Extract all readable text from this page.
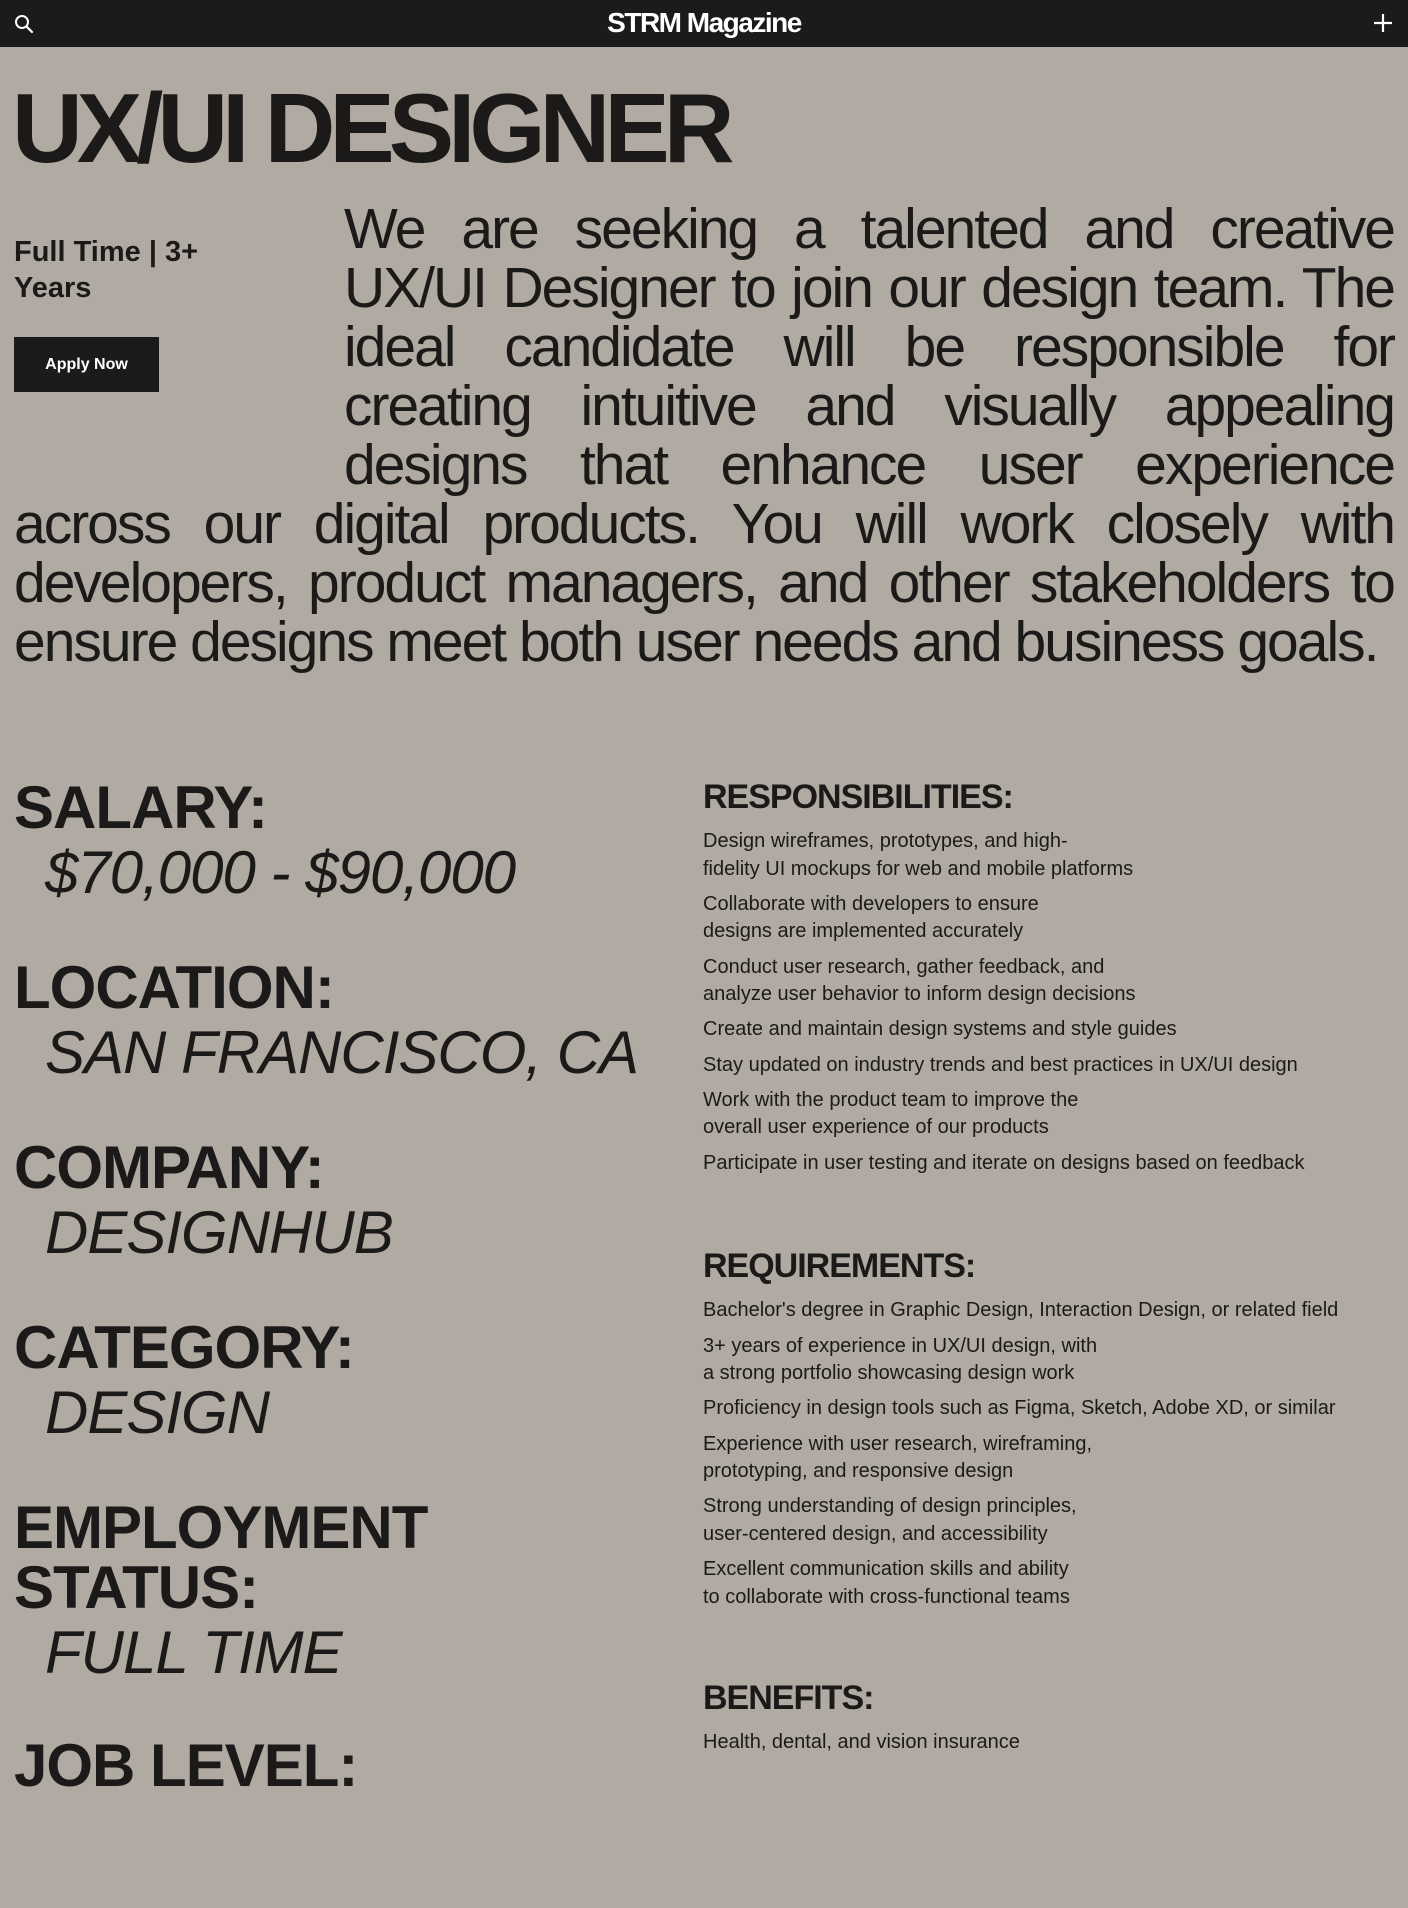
STRM Magazine
UX/UI DESIGNER

We are seeking a talented and creative UX/UI Designer to join our design team. The ideal candidate will be responsible for creating intuitive and visually appealing designs that enhance user experience across our digital products. You will work closely with developers, product managers, and other stakeholders to ensure designs meet both user needs and business goals.

Full Time | 3+ Years
Apply Now
SALARY:
$70,000 - $90,000
LOCATION:
SAN FRANCISCO, CA
COMPANY:
DESIGNHUB
CATEGORY:
DESIGN
EMPLOYMENT
STATUS:
FULL TIME
JOB LEVEL:
RESPONSIBILITIES:
Design wireframes, prototypes, and high-
fidelity UI mockups for web and mobile platforms
Collaborate with developers to ensure
designs are implemented accurately
Conduct user research, gather feedback, and
analyze user behavior to inform design decisions
Create and maintain design systems and style guides
Stay updated on industry trends and best practices in UX/UI design
Work with the product team to improve the
overall user experience of our products
Participate in user testing and iterate on designs based on feedback
REQUIREMENTS:
Bachelor's degree in Graphic Design, Interaction Design, or related field
3+ years of experience in UX/UI design, with
a strong portfolio showcasing design work
Proficiency in design tools such as Figma, Sketch, Adobe XD, or similar
Experience with user research, wireframing,
prototyping, and responsive design
Strong understanding of design principles,
user-centered design, and accessibility
Excellent communication skills and ability
to collaborate with cross-functional teams
BENEFITS:
Health, dental, and vision insurance
